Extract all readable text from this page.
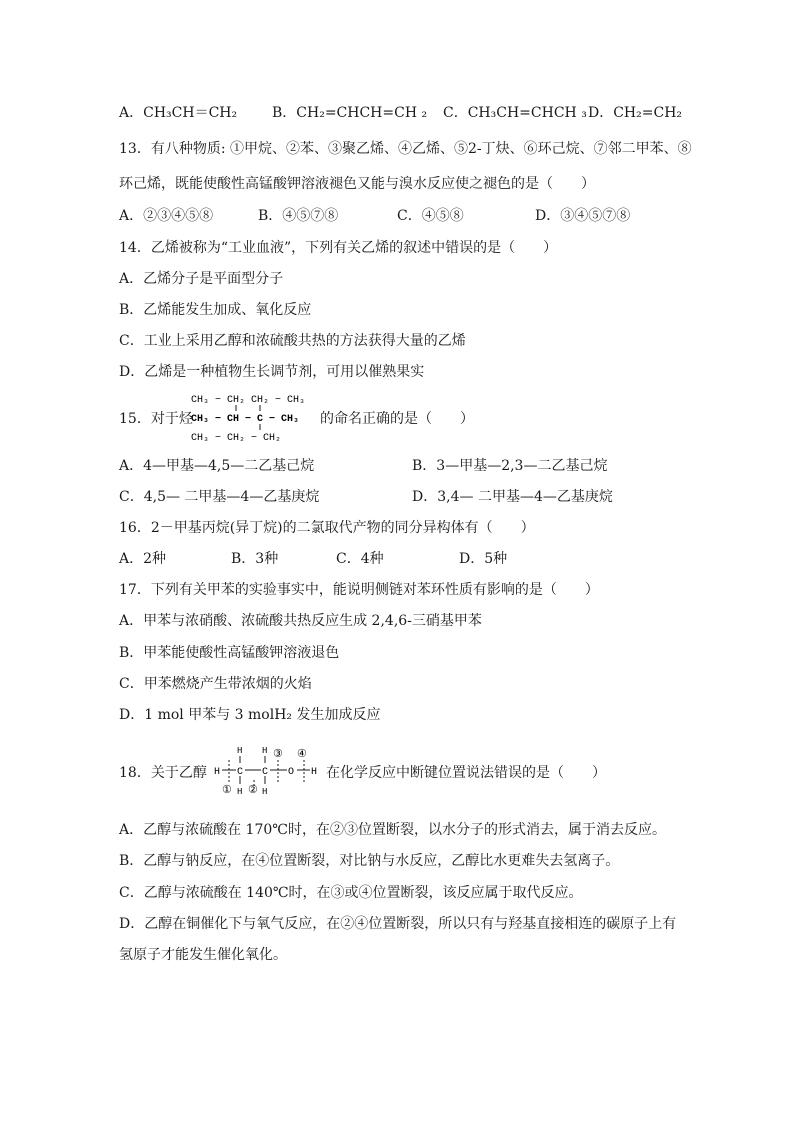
A．CH₃CH＝CH₂ B．CH₂=CHCH=CH ₂ C．CH₃CH=CHCH ₃ D．CH₂=CH₂
13．有八种物质: ①甲烷、②苯、③聚乙烯、④乙烯、⑤2-丁炔、⑥环己烷、⑦邻二甲苯、⑧
环己烯，既能使酸性高锰酸钾溶液褪色又能与溴水反应使之褪色的是（　　）
A．②③④⑤⑧	B．④⑤⑦⑧	C．④⑤⑧	D．③④⑤⑦⑧
14．乙烯被称为“工业血液”，下列有关乙烯的叙述中错误的是（　　）
A．乙烯分子是平面型分子
B．乙烯能发生加成、氧化反应
C．工业上采用乙醇和浓硫酸共热的方法获得大量的乙烯
D．乙烯是一种植物生长调节剂，可用以催熟果实
15．对于烃
CH₃ − CH₂ CH₂ − CH₃
CH₃ − CH − C − CH₃
CH₃ − CH₂ − CH₂
的命名正确的是（　　）
A．4—甲基—4,5—二乙基己烷	B．3—甲基—2,3—二乙基己烷
C．4,5— 二甲基—4—乙基庚烷	D．3,4— 二甲基—4—乙基庚烷
16．2－甲基丙烷(异丁烷)的二氯取代产物的同分异构体有（　　）
A．2种	B．3种	C．4种	D．5种
17．下列有关甲苯的实验事实中，能说明侧链对苯环性质有影响的是（　　）
A．甲苯与浓硝酸、浓硫酸共热反应生成 2,4,6-三硝基甲苯
B．甲苯能使酸性高锰酸钾溶液退色
C．甲苯燃烧产生带浓烟的火焰
D．1 mol 甲苯与 3 molH₂ 发生加成反应
18．关于乙醇 H C C O H
H H
H H
① ②
③ ④
在化学反应中断键位置说法错误的是（　　）
A．乙醇与浓硫酸在 170℃时，在②③位置断裂，以水分子的形式消去，属于消去反应。
B．乙醇与钠反应，在④位置断裂，对比钠与水反应，乙醇比水更难失去氢离子。
C．乙醇与浓硫酸在 140℃时，在③或④位置断裂，该反应属于取代反应。
D．乙醇在铜催化下与氧气反应，在②④位置断裂，所以只有与羟基直接相连的碳原子上有
氢原子才能发生催化氧化。
